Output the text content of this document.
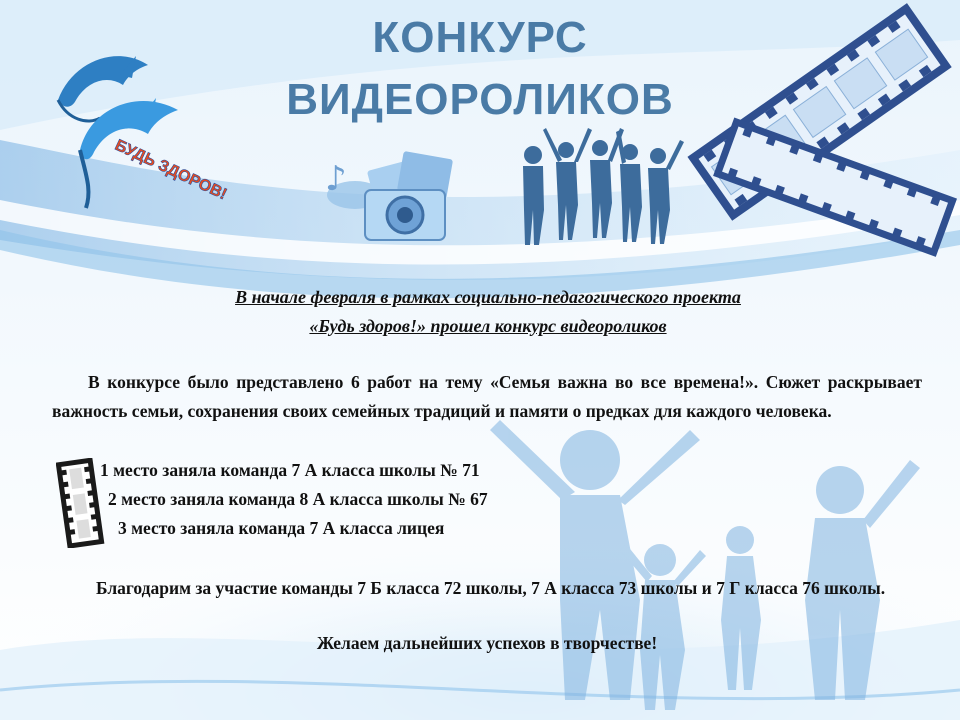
БУДЬ ЗДОРОВ!	♪
КОНКУРС
ВИДЕОРОЛИКОВ
В начале февраля в рамках социально-педагогического проекта
«Будь здоров!» прошел конкурс видеороликов
В конкурсе было представлено 6 работ на тему «Семья важна во все времена!». Сюжет раскрывает важность семьи, сохранения своих семейных традиций и памяти о предках для каждого человека.
1 место заняла команда 7 А класса школы № 71
2 место заняла команда 8 А класса школы № 67
3 место заняла команда 7 А класса лицея
Благодарим за участие команды 7 Б класса 72 школы, 7 А класса 73 школы и 7 Г класса 76 школы.
Желаем дальнейших успехов в творчестве!
